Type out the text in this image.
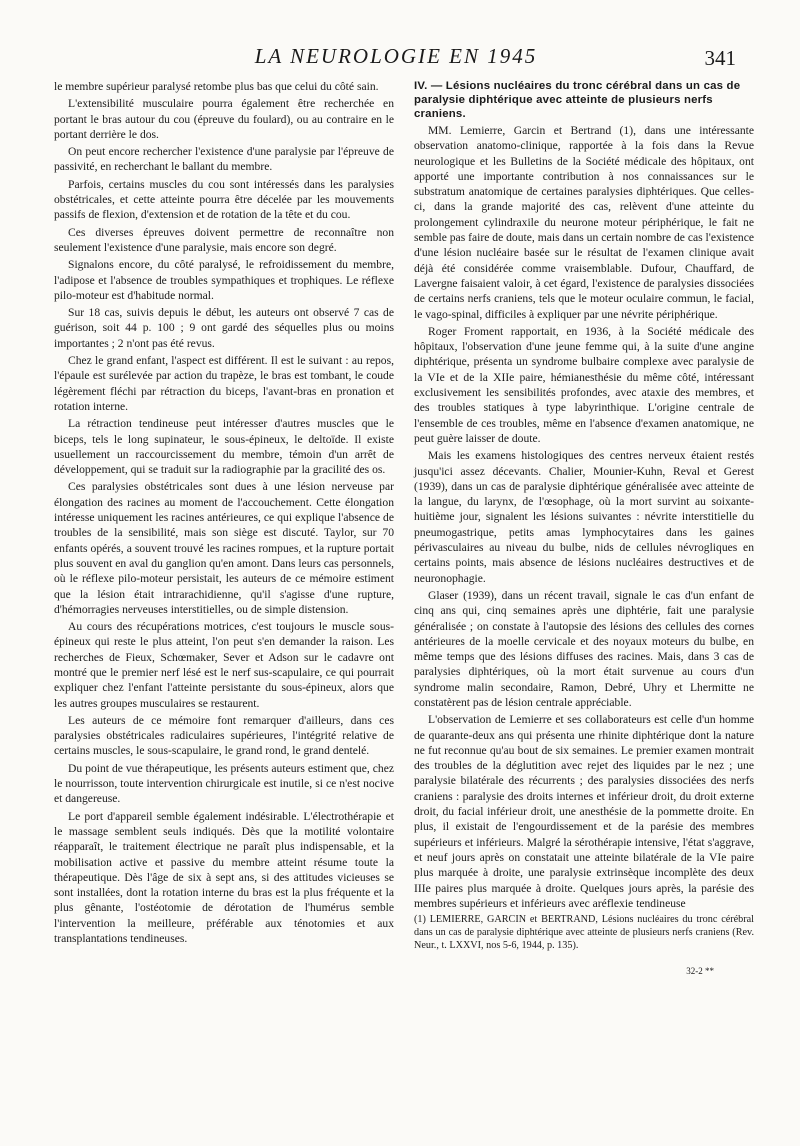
LA NEUROLOGIE EN 1945	341

le membre supérieur paralysé retombe plus bas que celui du côté sain.

L'extensibilité musculaire pourra également être recherchée en portant le bras autour du cou (épreuve du foulard), ou au contraire en le portant derrière le dos.

On peut encore rechercher l'existence d'une paralysie par l'épreuve de passivité, en recherchant le ballant du membre.

Parfois, certains muscles du cou sont intéressés dans les paralysies obstétricales, et cette atteinte pourra être décelée par les mouvements passifs de flexion, d'extension et de rotation de la tête et du cou.

Ces diverses épreuves doivent permettre de reconnaître non seulement l'existence d'une paralysie, mais encore son degré.

Signalons encore, du côté paralysé, le refroidissement du membre, l'adipose et l'absence de troubles sympathiques et trophiques. Le réflexe pilo-moteur est d'habitude normal.

Sur 18 cas, suivis depuis le début, les auteurs ont observé 7 cas de guérison, soit 44 p. 100 ; 9 ont gardé des séquelles plus ou moins importantes ; 2 n'ont pas été revus.

Chez le grand enfant, l'aspect est différent. Il est le suivant : au repos, l'épaule est surélevée par action du trapèze, le bras est tombant, le coude légèrement fléchi par rétraction du biceps, l'avant-bras en pronation et rotation interne.

La rétraction tendineuse peut intéresser d'autres muscles que le biceps, tels le long supinateur, le sous-épineux, le deltoïde. Il existe usuellement un raccourcissement du membre, témoin d'un arrêt de développement, qui se traduit sur la radiographie par la gracilité des os.

Ces paralysies obstétricales sont dues à une lésion nerveuse par élongation des racines au moment de l'accouchement. Cette élongation intéresse uniquement les racines antérieures, ce qui explique l'absence de troubles de la sensibilité, mais son siège est discuté. Taylor, sur 70 enfants opérés, a souvent trouvé les racines rompues, et la rupture portait plus souvent en aval du ganglion qu'en amont. Dans leurs cas personnels, où le réflexe pilo-moteur persistait, les auteurs de ce mémoire estiment que la lésion était intrarachidienne, qu'il s'agisse d'une rupture, d'hémorragies nerveuses interstitielles, ou de simple distension.

Au cours des récupérations motrices, c'est toujours le muscle sous-épineux qui reste le plus atteint, l'on peut s'en demander la raison. Les recherches de Fieux, Schœmaker, Sever et Adson sur le cadavre ont montré que le premier nerf lésé est le nerf sus-scapulaire, ce qui pourrait expliquer chez l'enfant l'atteinte persistante du sous-épineux, alors que les autres groupes musculaires se restaurent.

Les auteurs de ce mémoire font remarquer d'ailleurs, dans ces paralysies obstétricales radiculaires supérieures, l'intégrité relative de certains muscles, le sous-scapulaire, le grand rond, le grand dentelé.

Du point de vue thérapeutique, les présents auteurs estiment que, chez le nourrisson, toute intervention chirurgicale est inutile, si ce n'est nocive et dangereuse.

Le port d'appareil semble également indésirable. L'électrothérapie et le massage semblent seuls indiqués. Dès que la motilité volontaire réapparaît, le traitement électrique ne paraît plus indispensable, et la mobilisation active et passive du membre atteint résume toute la thérapeutique. Dès l'âge de six à sept ans, si des attitudes vicieuses se sont installées, dont la rotation interne du bras est la plus fréquente et la plus gênante, l'ostéotomie de dérotation de l'humérus semble l'intervention la meilleure, préférable aux ténotomies et aux transplantations tendineuses.

IV. — Lésions nucléaires du tronc cérébral dans un cas de paralysie diphtérique avec atteinte de plusieurs nerfs craniens.

MM. Lemierre, Garcin et Bertrand (1), dans une intéressante observation anatomo-clinique, rapportée à la fois dans la Revue neurologique et les Bulletins de la Société médicale des hôpitaux, ont apporté une importante contribution à nos connaissances sur le substratum anatomique de certaines paralysies diphtériques. Que celles-ci, dans la grande majorité des cas, relèvent d'une atteinte du prolongement cylindraxile du neurone moteur périphérique, le fait ne semble pas faire de doute, mais dans un certain nombre de cas l'existence d'une lésion nucléaire basée sur le résultat de l'examen clinique avait déjà été considérée comme vraisemblable. Dufour, Chauffard, de Lavergne faisaient valoir, à cet égard, l'existence de paralysies dissociées de certains nerfs craniens, tels que le moteur oculaire commun, le facial, le vago-spinal, difficiles à expliquer par une névrite périphérique.

Roger Froment rapportait, en 1936, à la Société médicale des hôpitaux, l'observation d'une jeune femme qui, à la suite d'une angine diphtérique, présenta un syndrome bulbaire complexe avec paralysie de la VIe et de la XIIe paire, hémianesthésie du même côté, intéressant exclusivement les sensibilités profondes, avec ataxie des membres, et des troubles statiques à type labyrinthique. L'origine centrale de l'ensemble de ces troubles, même en l'absence d'examen anatomique, ne peut guère laisser de doute.

Mais les examens histologiques des centres nerveux étaient restés jusqu'ici assez décevants. Chalier, Mounier-Kuhn, Reval et Gerest (1939), dans un cas de paralysie diphtérique généralisée avec atteinte de la langue, du larynx, de l'œsophage, où la mort survint au soixante-huitième jour, signalent les lésions suivantes : névrite interstitielle du pneumogastrique, petits amas lymphocytaires dans les gaines périvasculaires au niveau du bulbe, nids de cellules névrogliques en certains points, mais absence de lésions nucléaires destructives et de neuronophagie.

Glaser (1939), dans un récent travail, signale le cas d'un enfant de cinq ans qui, cinq semaines après une diphtérie, fait une paralysie généralisée ; on constate à l'autopsie des lésions des cellules des cornes antérieures de la moelle cervicale et des noyaux moteurs du bulbe, en même temps que des lésions diffuses des racines. Mais, dans 3 cas de paralysies diphtériques, où la mort était survenue au cours d'un syndrome malin secondaire, Ramon, Debré, Uhry et Lhermitte ne constatèrent pas de lésion centrale appréciable.

L'observation de Lemierre et ses collaborateurs est celle d'un homme de quarante-deux ans qui présenta une rhinite diphtérique dont la nature ne fut reconnue qu'au bout de six semaines. Le premier examen montrait des troubles de la déglutition avec rejet des liquides par le nez ; une paralysie bilatérale des récurrents ; des paralysies dissociées des nerfs craniens : paralysie des droits internes et inférieur droit, du droit externe droit, du facial inférieur droit, une anesthésie de la pommette droite. En plus, il existait de l'engourdissement et de la parésie des membres supérieurs et inférieurs. Malgré la sérothérapie intensive, l'état s'aggrave, et neuf jours après on constatait une atteinte bilatérale de la VIe paire plus marquée à droite, une paralysie extrinsèque incomplète des deux IIIe paires plus marquée à droite. Quelques jours après, la parésie des membres supérieurs et inférieurs avec aréflexie tendineuse

(1) LEMIERRE, GARCIN et BERTRAND, Lésions nucléaires du tronc cérébral dans un cas de paralysie diphtérique avec atteinte de plusieurs nerfs craniens (Rev. Neur., t. LXXVI, nos 5-6, 1944, p. 135).

32-2 **
